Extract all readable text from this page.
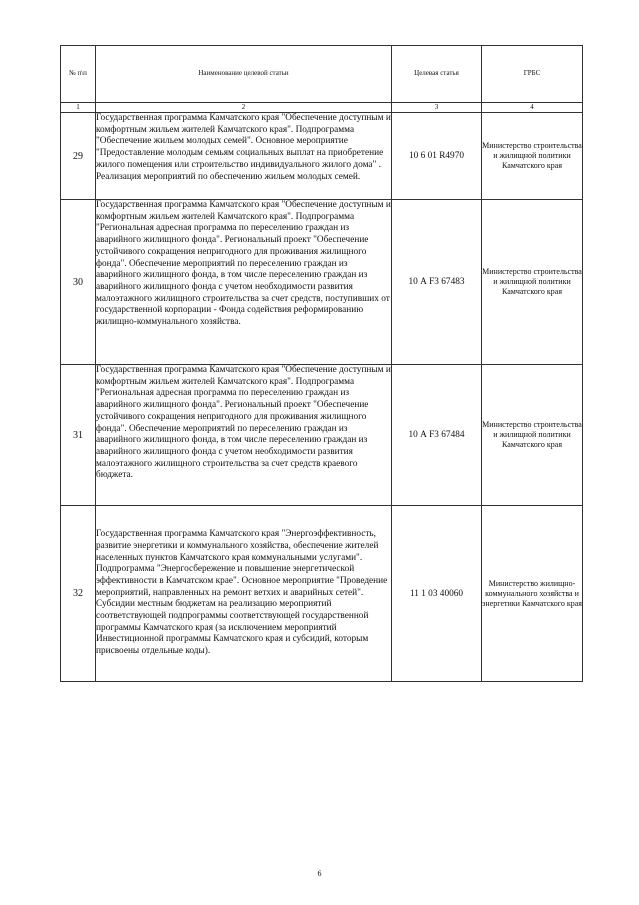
№ п\п	Наименование целевой статьи	Целевая статья	ГРБС
1	2	3	4
29	Государственная программа Камчатского края "Обеспечение доступным и комфортным жильем жителей Камчатского края". Подпрограмма "Обеспечение жильем молодых семей". Основное мероприятие "Предоставление молодым семьям социальных выплат на приобретение жилого помещения или строительство индивидуального жилого дома" . Реализация мероприятий по обеспечению жильем молодых семей.	10 6 01 R4970	Министерство строительства и жилищной политики Камчатского края
30	Государственная программа Камчатского края "Обеспечение доступным и комфортным жильем жителей Камчатского края". Подпрограмма "Региональная адресная программа по переселению граждан из аварийного жилищного фонда". Региональный проект "Обеспечение устойчивого сокращения непригодного для проживания жилищного фонда". Обеспечение мероприятий по переселению граждан из аварийного жилищного фонда, в том числе переселению граждан из аварийного жилищного фонда с учетом необходимости развития малоэтажного жилищного строительства за счет средств, поступивших от государственной корпорации - Фонда содействия реформированию жилищно-коммунального хозяйства.	10 А F3 67483	Министерство строительства и жилищной политики Камчатского края
31	Государственная программа Камчатского края "Обеспечение доступным и комфортным жильем жителей Камчатского края". Подпрограмма "Региональная адресная программа по переселению граждан из аварийного жилищного фонда". Региональный проект "Обеспечение устойчивого сокращения непригодного для проживания жилищного фонда". Обеспечение мероприятий по переселению граждан из аварийного жилищного фонда, в том числе переселению граждан из аварийного жилищного фонда с учетом необходимости развития малоэтажного жилищного строительства за счет средств краевого бюджета.	10 А F3 67484	Министерство строительства и жилищной политики Камчатского края
32	Государственная программа Камчатского края "Энергоэффективность, развитие энергетики и коммунального хозяйства, обеспечение жителей населенных пунктов Камчатского края коммунальными услугами". Подпрограмма "Энергосбережение и повышение энергетической эффективности в Камчатском крае". Основное мероприятие "Проведение мероприятий, направленных на ремонт ветхих и аварийных сетей". Субсидии местным бюджетам на реализацию мероприятий соответствующей подпрограммы соответствующей государственной программы Камчатского края (за исключением мероприятий Инвестиционной программы Камчатского края и субсидий, которым присвоены отдельные коды).	11 1 03 40060	Министерство жилищно-коммунального хозяйства и энергетики Камчатского края
6
